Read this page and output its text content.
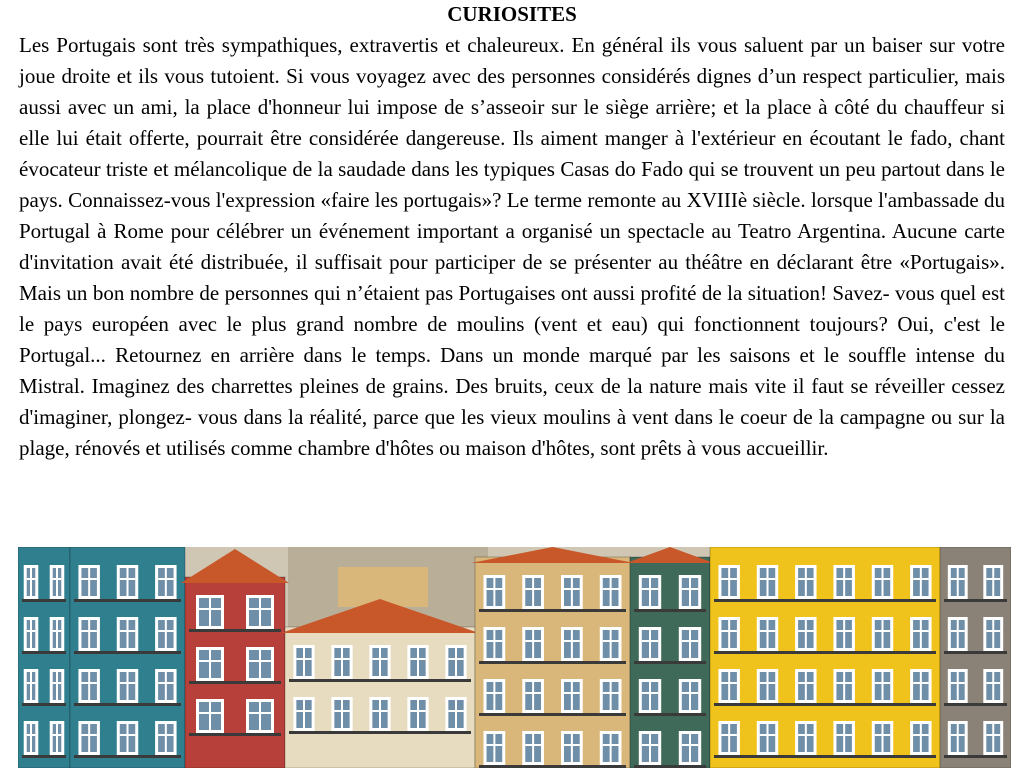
CURIOSITES

Les Portugais sont très sympathiques, extravertis et chaleureux. En général ils vous saluent par un baiser sur votre joue droite et ils vous tutoient. Si vous voyagez avec des personnes considérés dignes d’un respect particulier, mais aussi avec un ami, la place d'honneur lui impose de s’asseoir sur le siège arrière; et la place à côté du chauffeur si elle lui était offerte, pourrait être considérée dangereuse. Ils aiment manger à l'extérieur en écoutant le fado, chant évocateur triste et mélancolique de la saudade dans les typiques Casas do Fado qui se trouvent un peu partout dans le pays. Connaissez-vous l'expression «faire les portugais»? Le terme remonte au XVIIIè siècle. lorsque l'ambassade du Portugal à Rome pour célébrer un événement important a organisé un spectacle au Teatro Argentina. Aucune carte d'invitation avait été distribuée, il suffisait pour participer de se présenter au théâtre en déclarant être «Portugais». Mais un bon nombre de personnes qui n’étaient pas Portugaises ont aussi profité de la situation! Savez- vous quel est le pays européen avec le plus grand nombre de moulins (vent et eau) qui fonctionnent toujours? Oui, c'est le Portugal... Retournez en arrière dans le temps. Dans un monde marqué par les saisons et le souffle intense du Mistral. Imaginez des charrettes pleines de grains. Des bruits, ceux de la nature mais vite il faut se réveiller cessez d'imaginer, plongez- vous dans la réalité, parce que les vieux moulins à vent dans le coeur de la campagne ou sur la plage, rénovés et utilisés comme chambre d'hôtes ou maison d'hôtes, sont prêts à vous accueillir.
